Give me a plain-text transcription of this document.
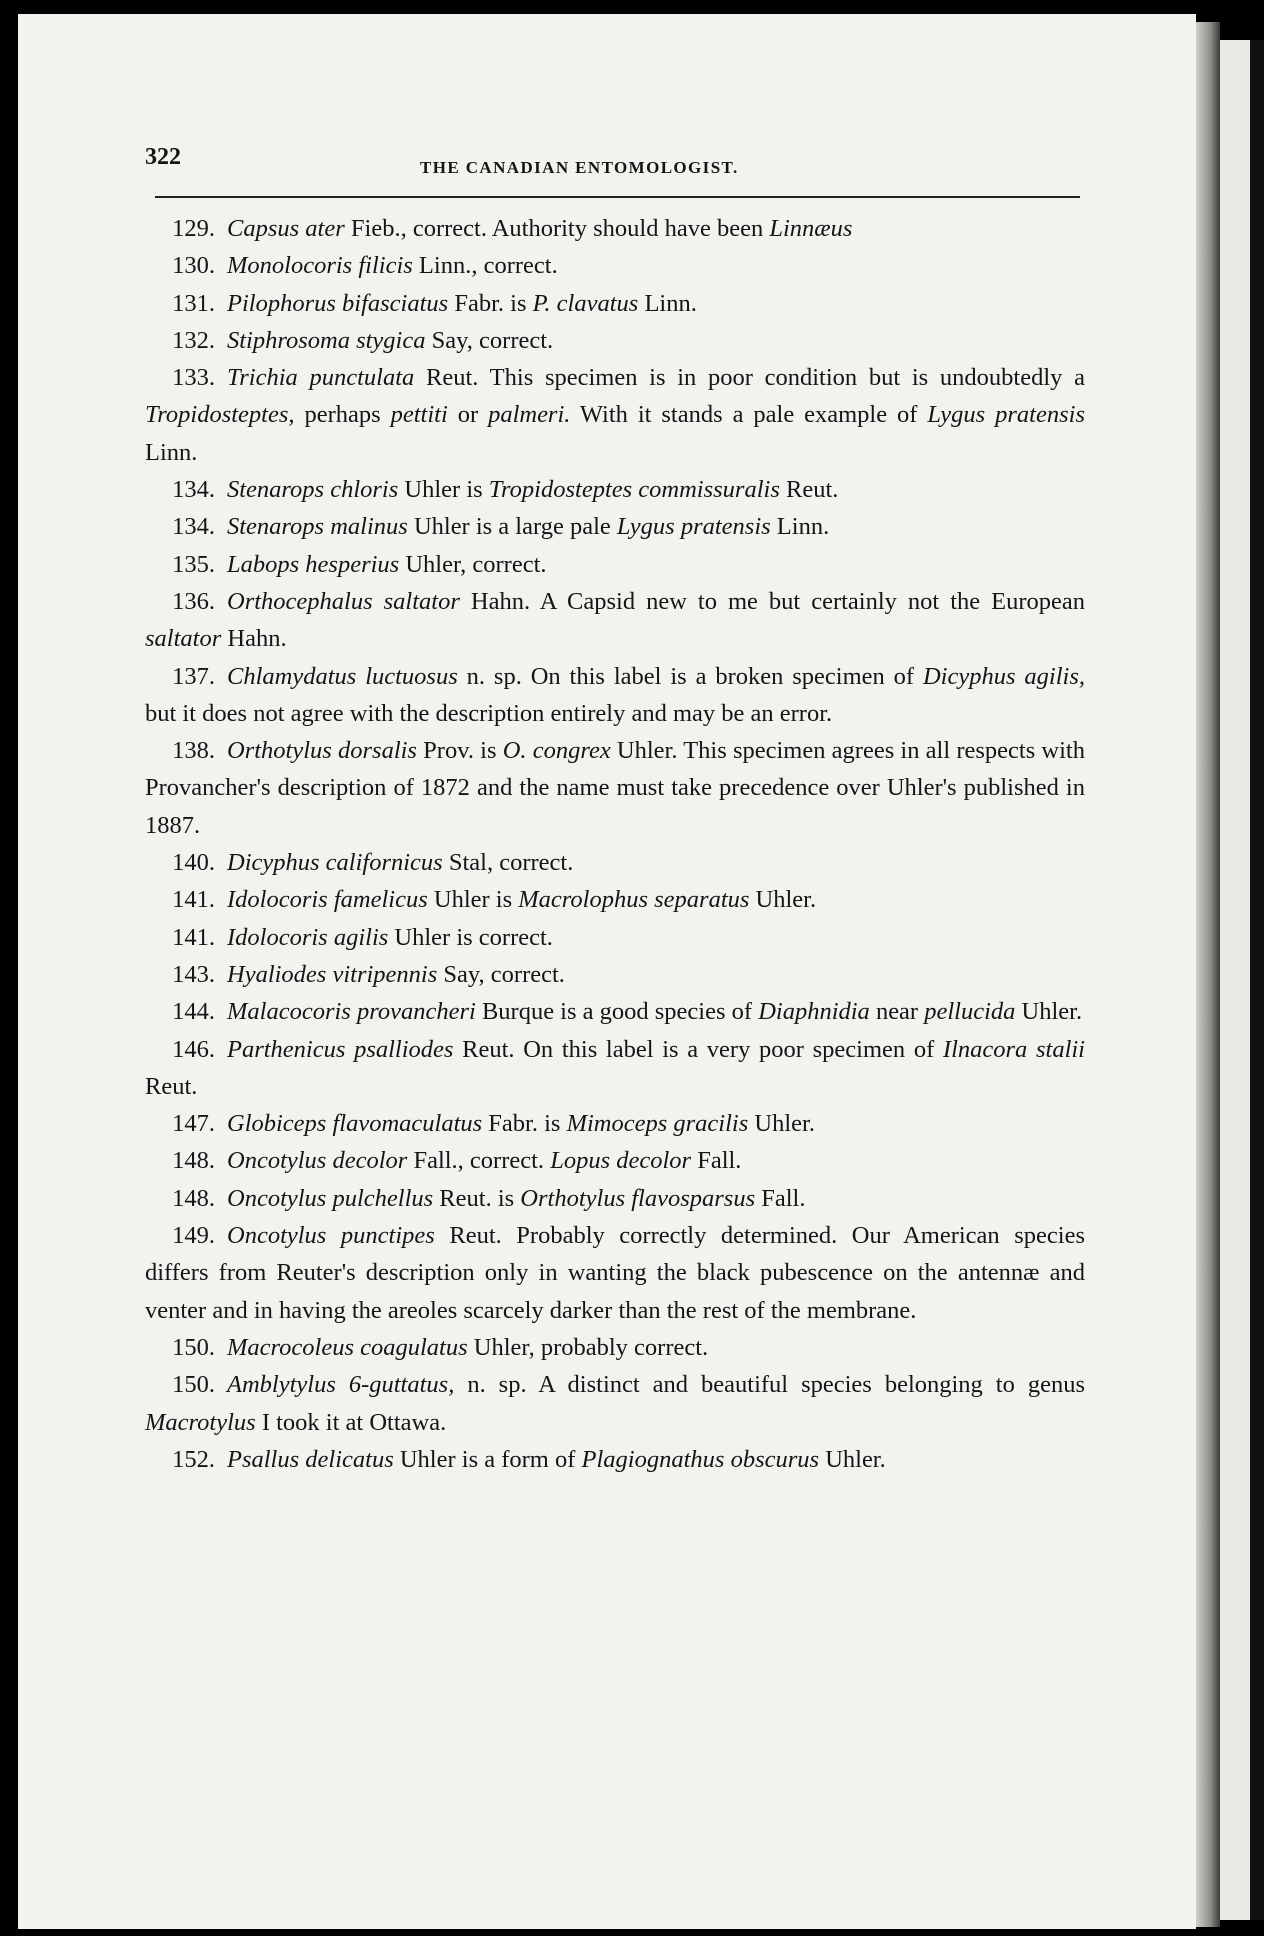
322	THE CANADIAN ENTOMOLOGIST.

129. Capsus ater Fieb., correct. Authority should have been Linnæus

130. Monolocoris filicis Linn., correct.

131. Pilophorus bifasciatus Fabr. is P. clavatus Linn.

132. Stiphrosoma stygica Say, correct.

133. Trichia punctulata Reut. This specimen is in poor condition but is undoubtedly a Tropidosteptes, perhaps pettiti or palmeri. With it stands a pale example of Lygus pratensis Linn.

134. Stenarops chloris Uhler is Tropidosteptes commissuralis Reut.

134. Stenarops malinus Uhler is a large pale Lygus pratensis Linn.

135. Labops hesperius Uhler, correct.

136. Orthocephalus saltator Hahn. A Capsid new to me but certainly not the European saltator Hahn.

137. Chlamydatus luctuosus n. sp. On this label is a broken specimen of Dicyphus agilis, but it does not agree with the description entirely and may be an error.

138. Orthotylus dorsalis Prov. is O. congrex Uhler. This specimen agrees in all respects with Provancher's description of 1872 and the name must take precedence over Uhler's published in 1887.

140. Dicyphus californicus Stal, correct.

141. Idolocoris famelicus Uhler is Macrolophus separatus Uhler.

141. Idolocoris agilis Uhler is correct.

143. Hyaliodes vitripennis Say, correct.

144. Malacocoris provancheri Burque is a good species of Diaphnidia near pellucida Uhler.

146. Parthenicus psalliodes Reut. On this label is a very poor specimen of Ilnacora stalii Reut.

147. Globiceps flavomaculatus Fabr. is Mimoceps gracilis Uhler.

148. Oncotylus decolor Fall., correct. Lopus decolor Fall.

148. Oncotylus pulchellus Reut. is Orthotylus flavosparsus Fall.

149. Oncotylus punctipes Reut. Probably correctly determined. Our American species differs from Reuter's description only in wanting the black pubescence on the antennæ and venter and in having the areoles scarcely darker than the rest of the membrane.

150. Macrocoleus coagulatus Uhler, probably correct.

150. Amblytylus 6-guttatus, n. sp. A distinct and beautiful species belonging to genus Macrotylus I took it at Ottawa.

152. Psallus delicatus Uhler is a form of Plagiognathus obscurus Uhler.
